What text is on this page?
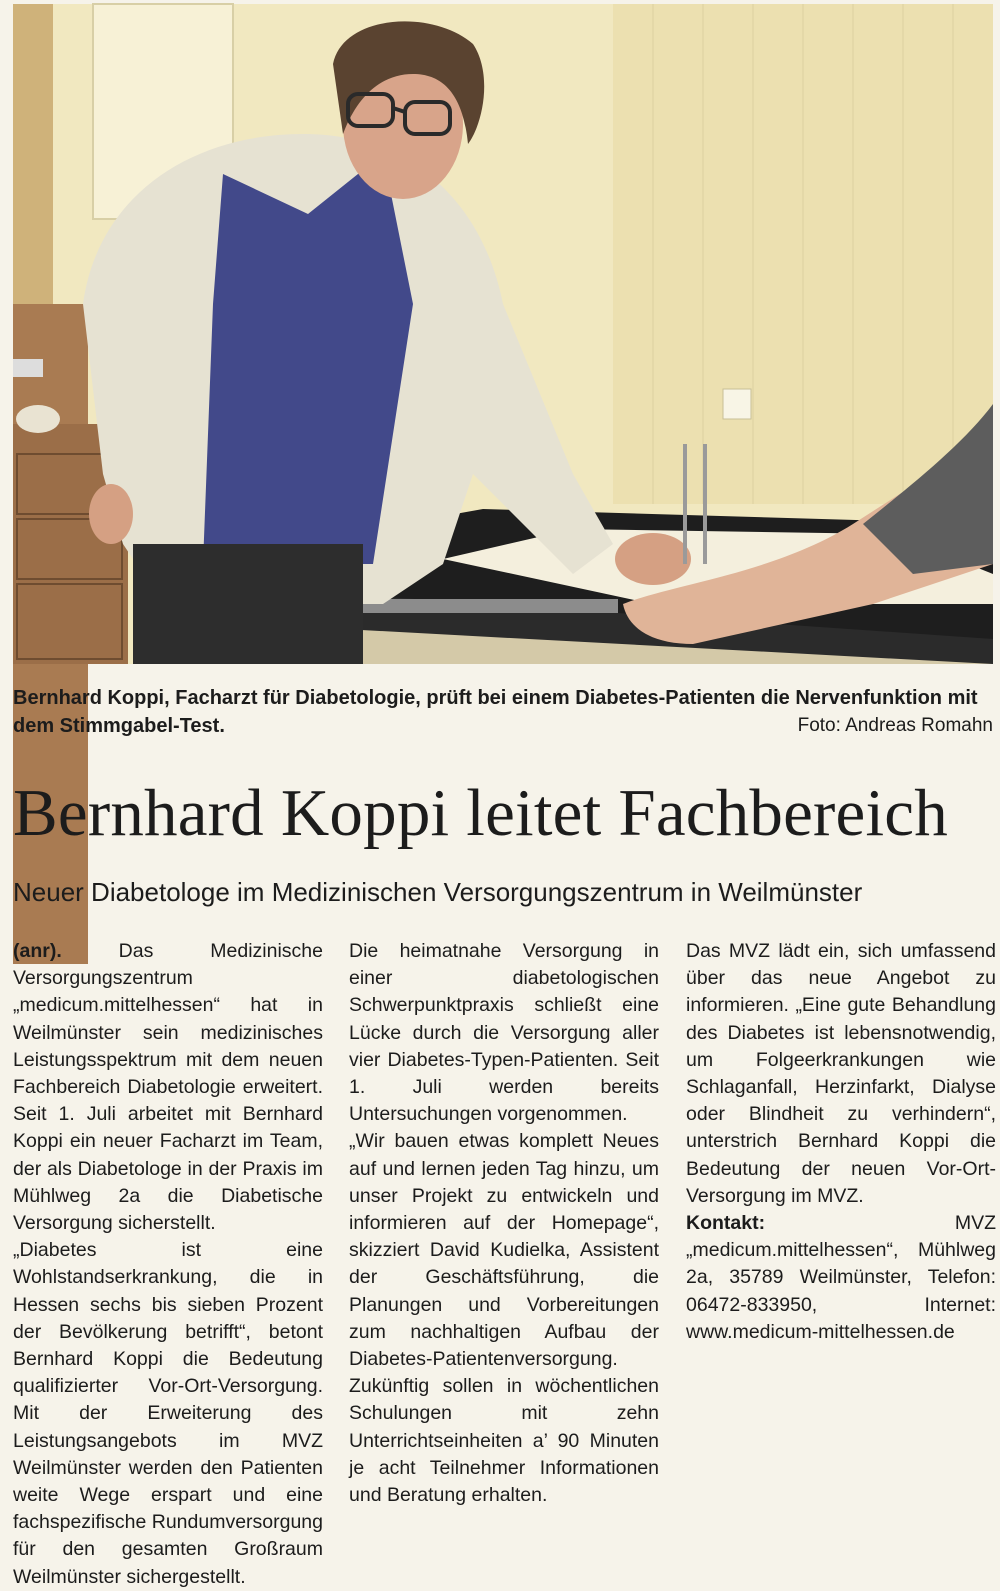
Bernhard Koppi, Facharzt für Diabetologie, prüft bei einem Diabetes-Patienten die Nervenfunktion mit dem Stimmgabel-Test.	Foto: Andreas Romahn
Bernhard Koppi leitet Fachbereich
Neuer Diabetologe im Medizinischen Versorgungszentrum in Weilmünster

(anr). Das Medizinische Versorgungszentrum „medicum.mittelhessen“ hat in Weilmünster sein medizinisches Leistungsspektrum mit dem neuen Fachbereich Diabetologie erweitert. Seit 1. Juli arbeitet mit Bernhard Koppi ein neuer Facharzt im Team, der als Diabetologe in der Praxis im Mühlweg 2a die Diabetische Versorgung sicherstellt.

„Diabetes ist eine Wohlstandserkrankung, die in Hessen sechs bis sieben Prozent der Bevölkerung betrifft“, betont Bernhard Koppi die Bedeutung qualifizierter Vor-Ort-Versorgung. Mit der Erweiterung des Leistungsangebots im MVZ Weilmünster werden den Patienten weite Wege erspart und eine fachspezifische Rundumversorgung für den gesamten Großraum Weilmünster sichergestellt.

Die heimatnahe Versorgung in einer diabetologischen Schwerpunktpraxis schließt eine Lücke durch die Versorgung aller vier Diabetes-Typen-Patienten. Seit 1. Juli werden bereits Untersuchungen vorgenommen.

„Wir bauen etwas komplett Neues auf und lernen jeden Tag hinzu, um unser Projekt zu entwickeln und informieren auf der Homepage“, skizziert David Kudielka, Assistent der Geschäftsführung, die Planungen und Vorbereitungen zum nachhaltigen Aufbau der Diabetes-Patientenversorgung. Zukünftig sollen in wöchentlichen Schulungen mit zehn Unterrichtseinheiten a’ 90 Minuten je acht Teilnehmer Informationen und Beratung erhalten.

Das MVZ lädt ein, sich umfassend über das neue Angebot zu informieren. „Eine gute Behandlung des Diabetes ist lebensnotwendig, um Folgeerkrankungen wie Schlaganfall, Herzinfarkt, Dialyse oder Blindheit zu verhindern“, unterstrich Bernhard Koppi die Bedeutung der neuen Vor-Ort-Versorgung im MVZ.

Kontakt: MVZ „medicum.mittelhessen“, Mühlweg 2a, 35789 Weilmünster, Telefon: 06472-833950, Internet: www.medicum-mittelhessen.de
